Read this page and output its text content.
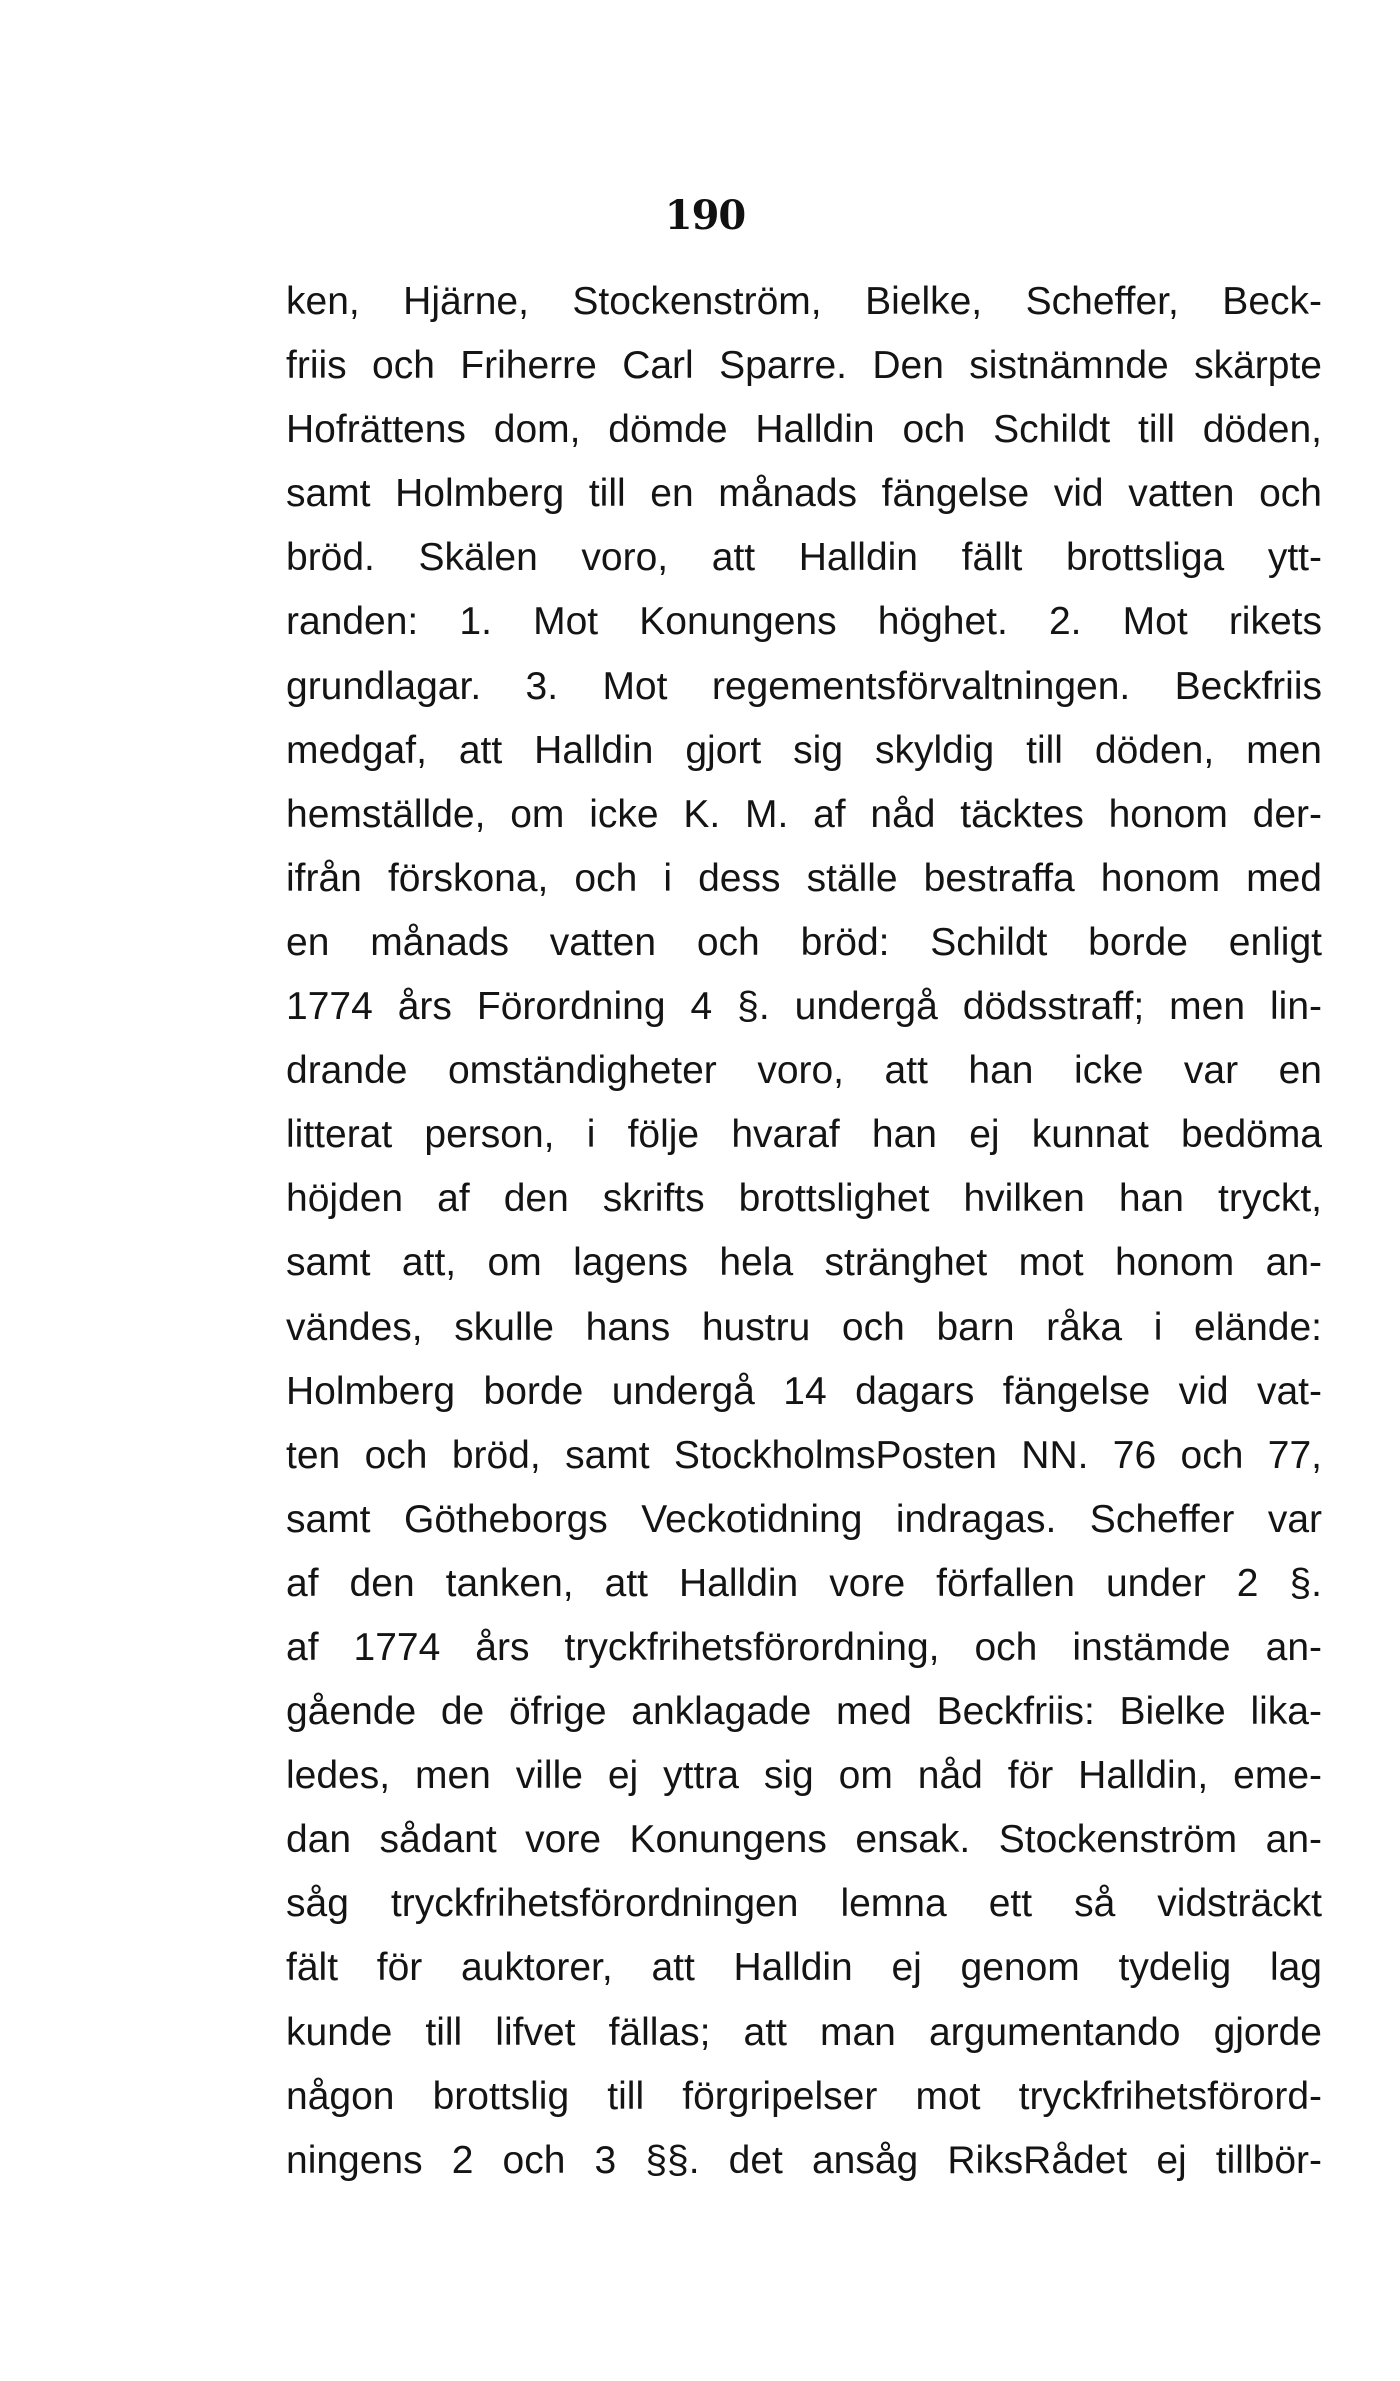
190
ken, Hjärne, Stockenström, Bielke, Scheffer, Beck-
friis och Friherre Carl Sparre. Den sistnämnde skärpte
Hofrättens dom, dömde Halldin och Schildt till döden,
samt Holmberg till en månads fängelse vid vatten och
bröd. Skälen voro, att Halldin fällt brottsliga ytt-
randen: 1. Mot Konungens höghet. 2. Mot rikets
grundlagar. 3. Mot regementsförvaltningen. Beckfriis
medgaf, att Halldin gjort sig skyldig till döden, men
hemställde, om icke K. M. af nåd täcktes honom der-
ifrån förskona, och i dess ställe bestraffa honom med
en månads vatten och bröd: Schildt borde enligt
1774 års Förordning 4 §. undergå dödsstraff; men lin-
drande omständigheter voro, att han icke var en
litterat person, i följe hvaraf han ej kunnat bedöma
höjden af den skrifts brottslighet hvilken han tryckt,
samt att, om lagens hela stränghet mot honom an-
vändes, skulle hans hustru och barn råka i elände:
Holmberg borde undergå 14 dagars fängelse vid vat-
ten och bröd, samt StockholmsPosten NN. 76 och 77,
samt Götheborgs Veckotidning indragas. Scheffer var
af den tanken, att Halldin vore förfallen under 2 §.
af 1774 års tryckfrihetsförordning, och instämde an-
gående de öfrige anklagade med Beckfriis: Bielke lika-
ledes, men ville ej yttra sig om nåd för Halldin, eme-
dan sådant vore Konungens ensak. Stockenström an-
såg tryckfrihetsförordningen lemna ett så vidsträckt
fält för auktorer, att Halldin ej genom tydelig lag
kunde till lifvet fällas; att man argumentando gjorde
någon brottslig till förgripelser mot tryckfrihetsförord-
ningens 2 och 3 §§. det ansåg RiksRådet ej tillbör-
